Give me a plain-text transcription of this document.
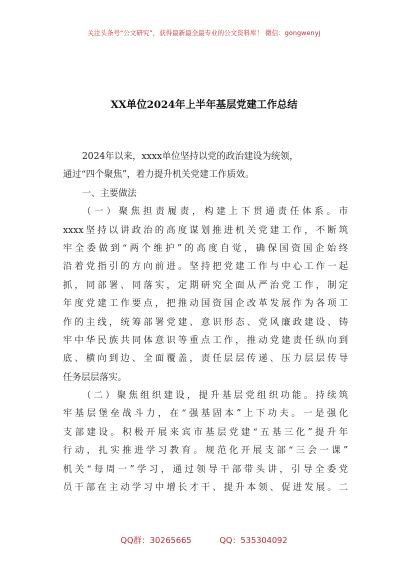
关注头条号“公文研究”，获得最新最全最专业的公文资料库！ 微信：gongwenyj
XX单位2024年上半年基层党建工作总结
2024年以来，xxxx单位坚持以党的政治建设为统领，
通过“四个聚焦”，着力提升机关党建工作质效。
一、主要做法
（一）聚焦担责履责，构建上下贯通责任体系。市
xxxx坚持以讲政治的高度谋划推进机关党建工作，不断筑
牢全委做到“两个维护”的高度自觉，确保国资国企始终
沿着党指引的方向前进。坚持把党建工作与中心工作一起
抓，同部署、同落实，定期研究全面从严治党工作，制定
年度党建工作要点，把推动国资国企改革发展作为各项工
作的主线，统筹部署党建、意识形态、党风廉政建设、铸
牢中华民族共同体意识等重点工作，推动党建责任纵向到
底、横向到边、全面覆盖，责任层层传递、压力层层传导
任务层层落实。
（二）聚焦组织建设，提升基层党组织功能。持续筑
牢基层堡垒战斗力，在“强基固本”上下功夫。一是强化
支部建设。积极开展来宾市基层党建“五基三化”提升年
行动，扎实推进学习教育。规范化开展支部“三会一课”
机关“每周一”学习，通过领导干部带头讲，引导全委党
员干部在主动学习中增长才干、提升本领、促进发展。二
QQ群：30265665	QQ：535304092
